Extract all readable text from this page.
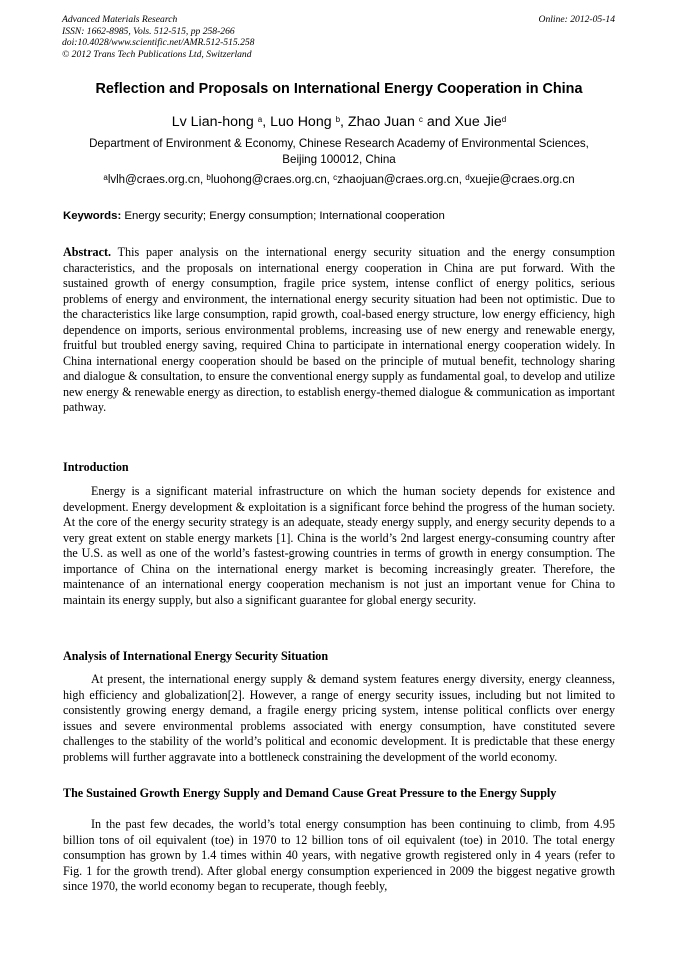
Advanced Materials Research
ISSN: 1662-8985, Vols. 512-515, pp 258-266
doi:10.4028/www.scientific.net/AMR.512-515.258
© 2012 Trans Tech Publications Ltd, Switzerland
Online: 2012-05-14
Reflection and Proposals on International Energy Cooperation in China
Lv Lian-hong $^a$, Luo Hong $^b$, Zhao Juan $^c$ and Xue Jie$^d$
Department of Environment & Economy, Chinese Research Academy of Environmental Sciences,
Beijing 100012, China
$^a$lvlh@craes.org.cn, $^b$luohong@craes.org.cn, $^c$zhaojuan@craes.org.cn, $^d$xuejie@craes.org.cn
Keywords: Energy security; Energy consumption; International cooperation
Abstract. This paper analysis on the international energy security situation and the energy consumption characteristics, and the proposals on international energy cooperation in China are put forward. With the sustained growth of energy consumption, fragile price system, intense conflict of energy politics, serious problems of energy and environment, the international energy security situation had been not optimistic. Due to the characteristics like large consumption, rapid growth, coal-based energy structure, low energy efficiency, high dependence on imports, serious environmental problems, increasing use of new energy and renewable energy, fruitful but troubled energy saving, required China to participate in international energy cooperation widely. In China international energy cooperation should be based on the principle of mutual benefit, technology sharing and dialogue & consultation, to ensure the conventional energy supply as fundamental goal, to develop and utilize new energy & renewable energy as direction, to establish energy-themed dialogue & communication as important pathway.
Introduction

Energy is a significant material infrastructure on which the human society depends for existence and development. Energy development & exploitation is a significant force behind the progress of the human society. At the core of the energy security strategy is an adequate, steady energy supply, and energy security depends to a very great extent on stable energy markets [1]. China is the world’s 2nd largest energy-consuming country after the U.S. as well as one of the world’s fastest-growing countries in terms of growth in energy consumption. The importance of China on the international energy market is becoming increasingly greater. Therefore, the maintenance of an international energy cooperation mechanism is not just an important venue for China to maintain its energy supply, but also a significant guarantee for global energy security.

Analysis of International Energy Security Situation

At present, the international energy supply & demand system features energy diversity, energy cleanness, high efficiency and globalization[2]. However, a range of energy security issues, including but not limited to consistently growing energy demand, a fragile energy pricing system, intense political conflicts over energy issues and severe environmental problems associated with energy consumption, have constituted severe challenges to the stability of the world’s political and economic development. It is predictable that these energy problems will further aggravate into a bottleneck constraining the development of the world economy.

The Sustained Growth Energy Supply and Demand Cause Great Pressure to the Energy Supply

In the past few decades, the world’s total energy consumption has been continuing to climb, from 4.95 billion tons of oil equivalent (toe) in 1970 to 12 billion tons of oil equivalent (toe) in 2010. The total energy consumption has grown by 1.4 times within 40 years, with negative growth registered only in 4 years (refer to Fig. 1 for the growth trend). After global energy consumption experienced in 2009 the biggest negative growth since 1970, the world economy began to recuperate, though feebly,
